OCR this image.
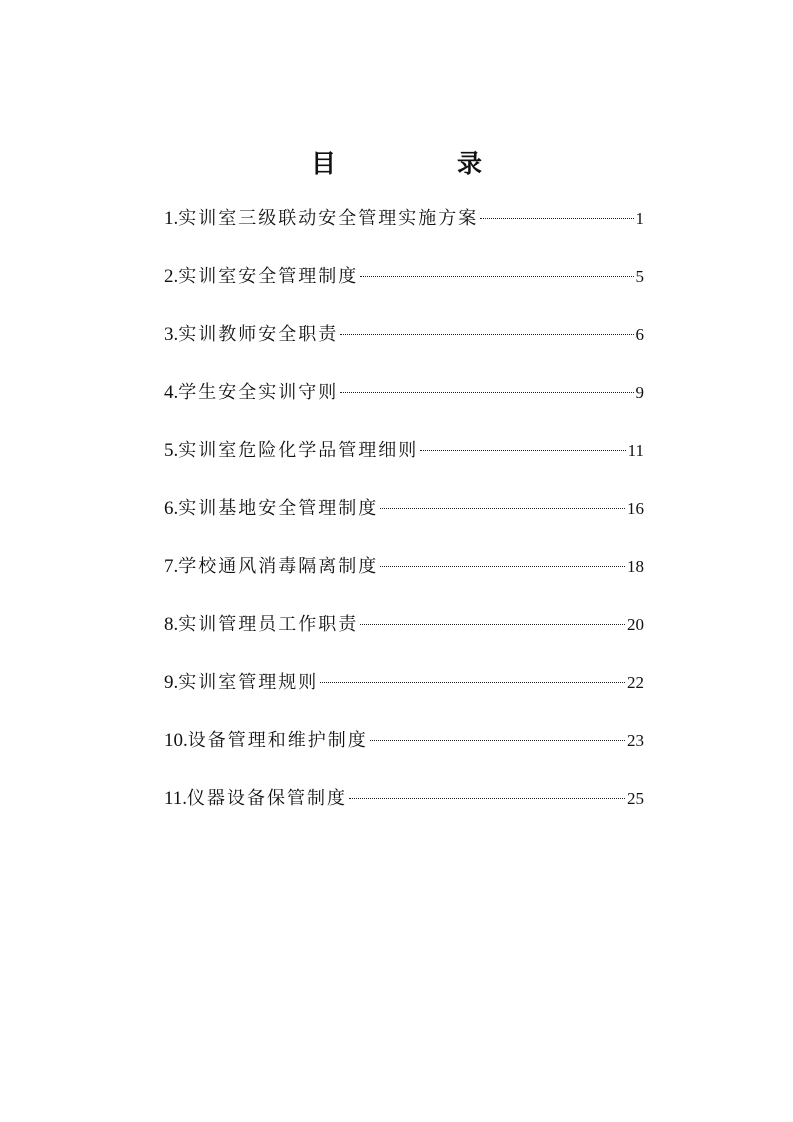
目　录
1. 实训室三级联动安全管理实施方案	1
2. 实训室安全管理制度	5
3. 实训教师安全职责	6
4. 学生安全实训守则	9
5. 实训室危险化学品管理细则	11
6. 实训基地安全管理制度	16
7. 学校通风消毒隔离制度	18
8. 实训管理员工作职责	20
9. 实训室管理规则	22
10. 设备管理和维护制度	23
11. 仪器设备保管制度	25
